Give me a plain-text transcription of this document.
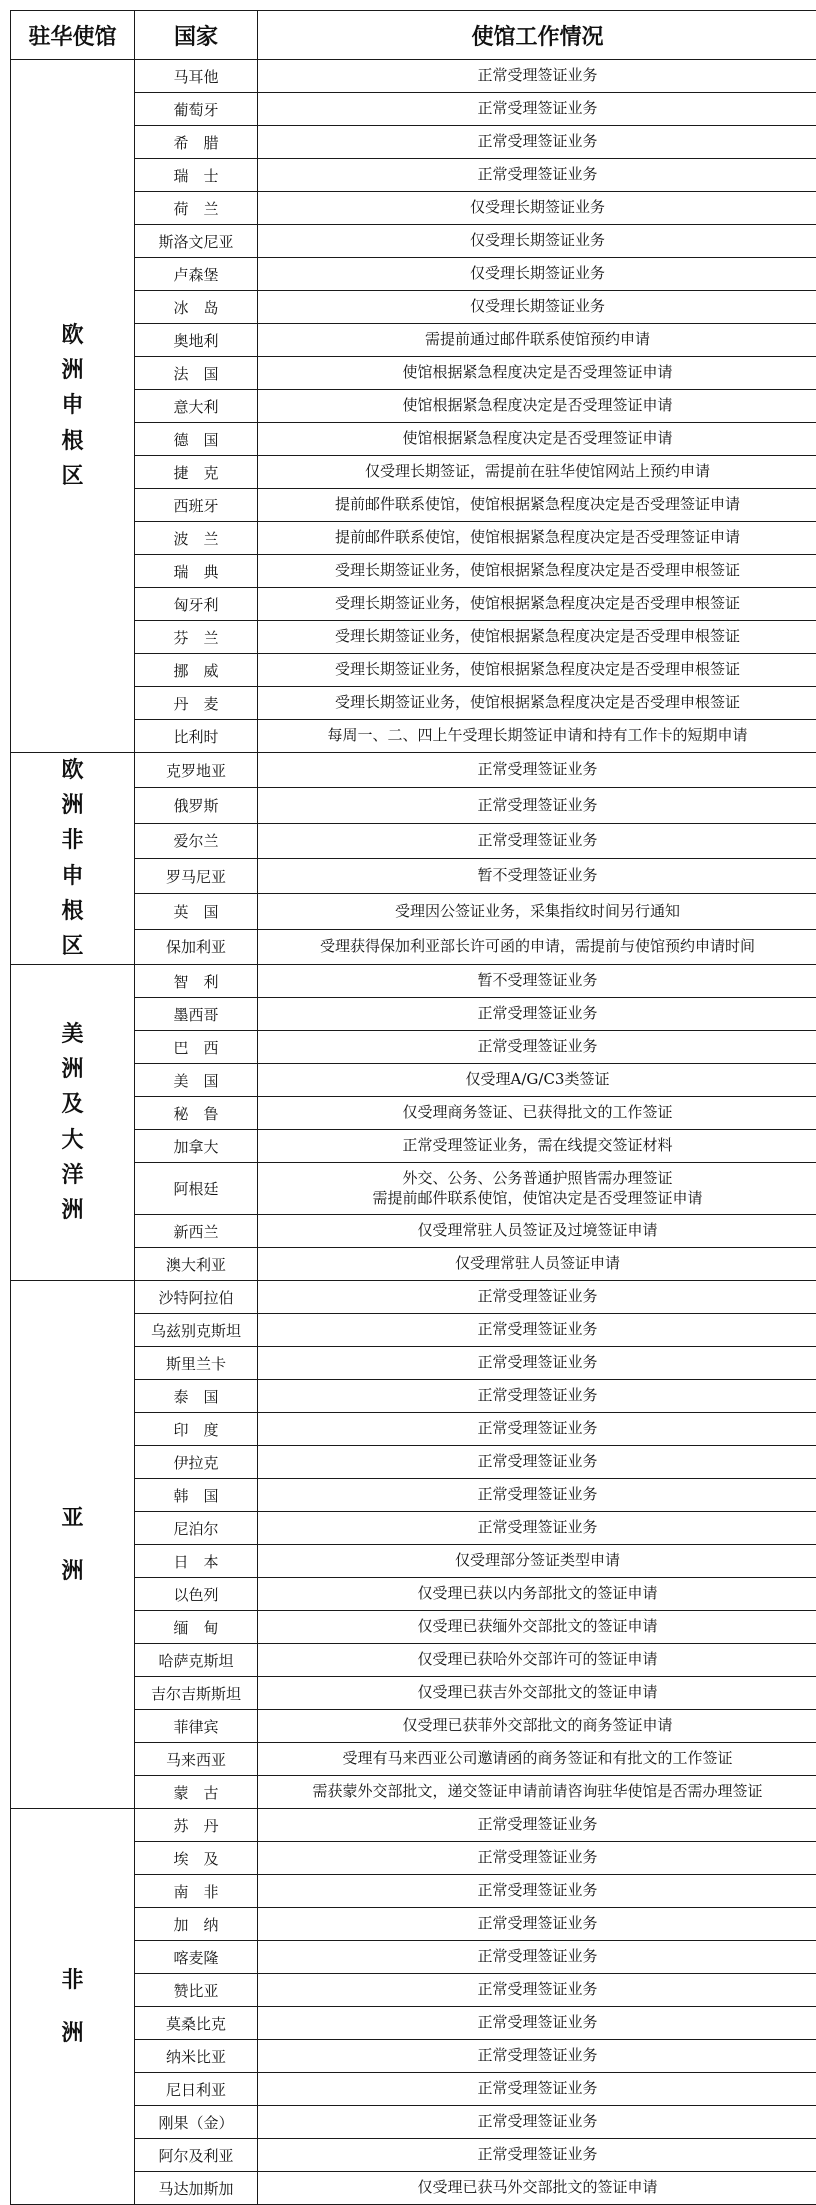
驻华使馆	国家	使馆工作情况
欧洲申根区	马耳他	正常受理签证业务
	葡萄牙	正常受理签证业务
	希　腊	正常受理签证业务
	瑞　士	正常受理签证业务
	荷　兰	仅受理长期签证业务
	斯洛文尼亚	仅受理长期签证业务
	卢森堡	仅受理长期签证业务
	冰　岛	仅受理长期签证业务
	奥地利	需提前通过邮件联系使馆预约申请
	法　国	使馆根据紧急程度决定是否受理签证申请
	意大利	使馆根据紧急程度决定是否受理签证申请
	德　国	使馆根据紧急程度决定是否受理签证申请
	捷　克	仅受理长期签证，需提前在驻华使馆网站上预约申请
	西班牙	提前邮件联系使馆，使馆根据紧急程度决定是否受理签证申请
	波　兰	提前邮件联系使馆，使馆根据紧急程度决定是否受理签证申请
	瑞　典	受理长期签证业务，使馆根据紧急程度决定是否受理申根签证
	匈牙利	受理长期签证业务，使馆根据紧急程度决定是否受理申根签证
	芬　兰	受理长期签证业务，使馆根据紧急程度决定是否受理申根签证
	挪　威	受理长期签证业务，使馆根据紧急程度决定是否受理申根签证
	丹　麦	受理长期签证业务，使馆根据紧急程度决定是否受理申根签证
	比利时	每周一、二、四上午受理长期签证申请和持有工作卡的短期申请
欧洲非申根区	克罗地亚	正常受理签证业务
	俄罗斯	正常受理签证业务
	爱尔兰	正常受理签证业务
	罗马尼亚	暂不受理签证业务
	英　国	受理因公签证业务，采集指纹时间另行通知
	保加利亚	受理获得保加利亚部长许可函的申请，需提前与使馆预约申请时间
美洲及大洋洲	智　利	暂不受理签证业务
	墨西哥	正常受理签证业务
	巴　西	正常受理签证业务
	美　国	仅受理A/G/C3类签证
	秘　鲁	仅受理商务签证、已获得批文的工作签证
	加拿大	正常受理签证业务，需在线提交签证材料
	阿根廷	外交、公务、公务普通护照皆需办理签证
需提前邮件联系使馆，使馆决定是否受理签证申请
	新西兰	仅受理常驻人员签证及过境签证申请
	澳大利亚	仅受理常驻人员签证申请
亚洲	沙特阿拉伯	正常受理签证业务
	乌兹别克斯坦	正常受理签证业务
	斯里兰卡	正常受理签证业务
	泰　国	正常受理签证业务
	印　度	正常受理签证业务
	伊拉克	正常受理签证业务
	韩　国	正常受理签证业务
	尼泊尔	正常受理签证业务
	日　本	仅受理部分签证类型申请
	以色列	仅受理已获以内务部批文的签证申请
	缅　甸	仅受理已获缅外交部批文的签证申请
	哈萨克斯坦	仅受理已获哈外交部许可的签证申请
	吉尔吉斯斯坦	仅受理已获吉外交部批文的签证申请
	菲律宾	仅受理已获菲外交部批文的商务签证申请
	马来西亚	受理有马来西亚公司邀请函的商务签证和有批文的工作签证
	蒙　古	需获蒙外交部批文，递交签证申请前请咨询驻华使馆是否需办理签证
非洲	苏　丹	正常受理签证业务
	埃　及	正常受理签证业务
	南　非	正常受理签证业务
	加　纳	正常受理签证业务
	喀麦隆	正常受理签证业务
	赞比亚	正常受理签证业务
	莫桑比克	正常受理签证业务
	纳米比亚	正常受理签证业务
	尼日利亚	正常受理签证业务
	刚果（金）	正常受理签证业务
	阿尔及利亚	正常受理签证业务
	马达加斯加	仅受理已获马外交部批文的签证申请
